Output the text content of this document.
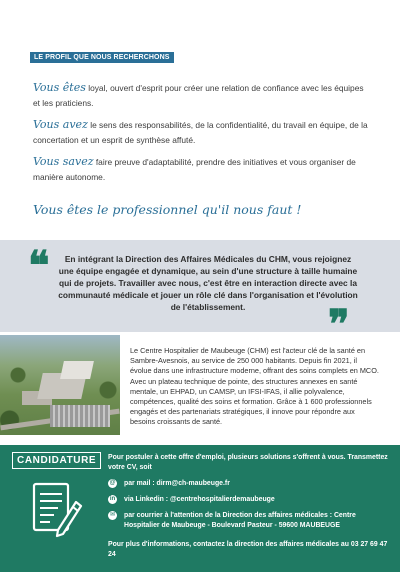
LE PROFIL QUE NOUS RECHERCHONS

Vous êtes loyal, ouvert d'esprit pour créer une relation de confiance avec les équipes et les praticiens.

Vous avez le sens des responsabilités, de la confidentialité, du travail en équipe, de la concertation et un esprit de synthèse affuté.

Vous savez faire preuve d'adaptabilité, prendre des initiatives et vous organiser de manière autonome.

Vous êtes le professionnel qu'il nous faut !
❝	En intégrant la Direction des Affaires Médicales du CHM, vous rejoignez une équipe engagée et dynamique, au sein d'une structure à taille humaine qui de projets. Travailler avec nous, c'est être en interaction directe avec la communauté médicale et jouer un rôle clé dans l'organisation et l'évolution de l'établissement.	❞

Le Centre Hospitalier de Maubeuge (CHM) est l'acteur clé de la santé en Sambre-Avesnois, au service de 250 000 habitants. Depuis fin 2021, il évolue dans une infrastructure moderne, offrant des soins complets en MCO. Avec un plateau technique de pointe, des structures annexes en santé mentale, un EHPAD, un CAMSP, un IFSI-IFAS, il allie polyvalence, compétences, qualité des soins et formation. Grâce à 1 600 professionnels engagés et des partenariats stratégiques, il innove pour répondre aux besoins croissants de santé.

CANDIDATURE	Pour postuler à cette offre d'emploi, plusieurs solutions s'offrent à vous. Transmettez votre CV, soit

@ par mail : dirm@ch-maubeuge.fr
in via Linkedin : @centrehospitalierdemaubeuge
✉ par courrier à l'attention de la Direction des affaires médicales : Centre Hospitalier de Maubeuge - Boulevard Pasteur - 59600 MAUBEUGE

Pour plus d'informations, contactez la direction des affaires médicales au 03 27 69 47 24
